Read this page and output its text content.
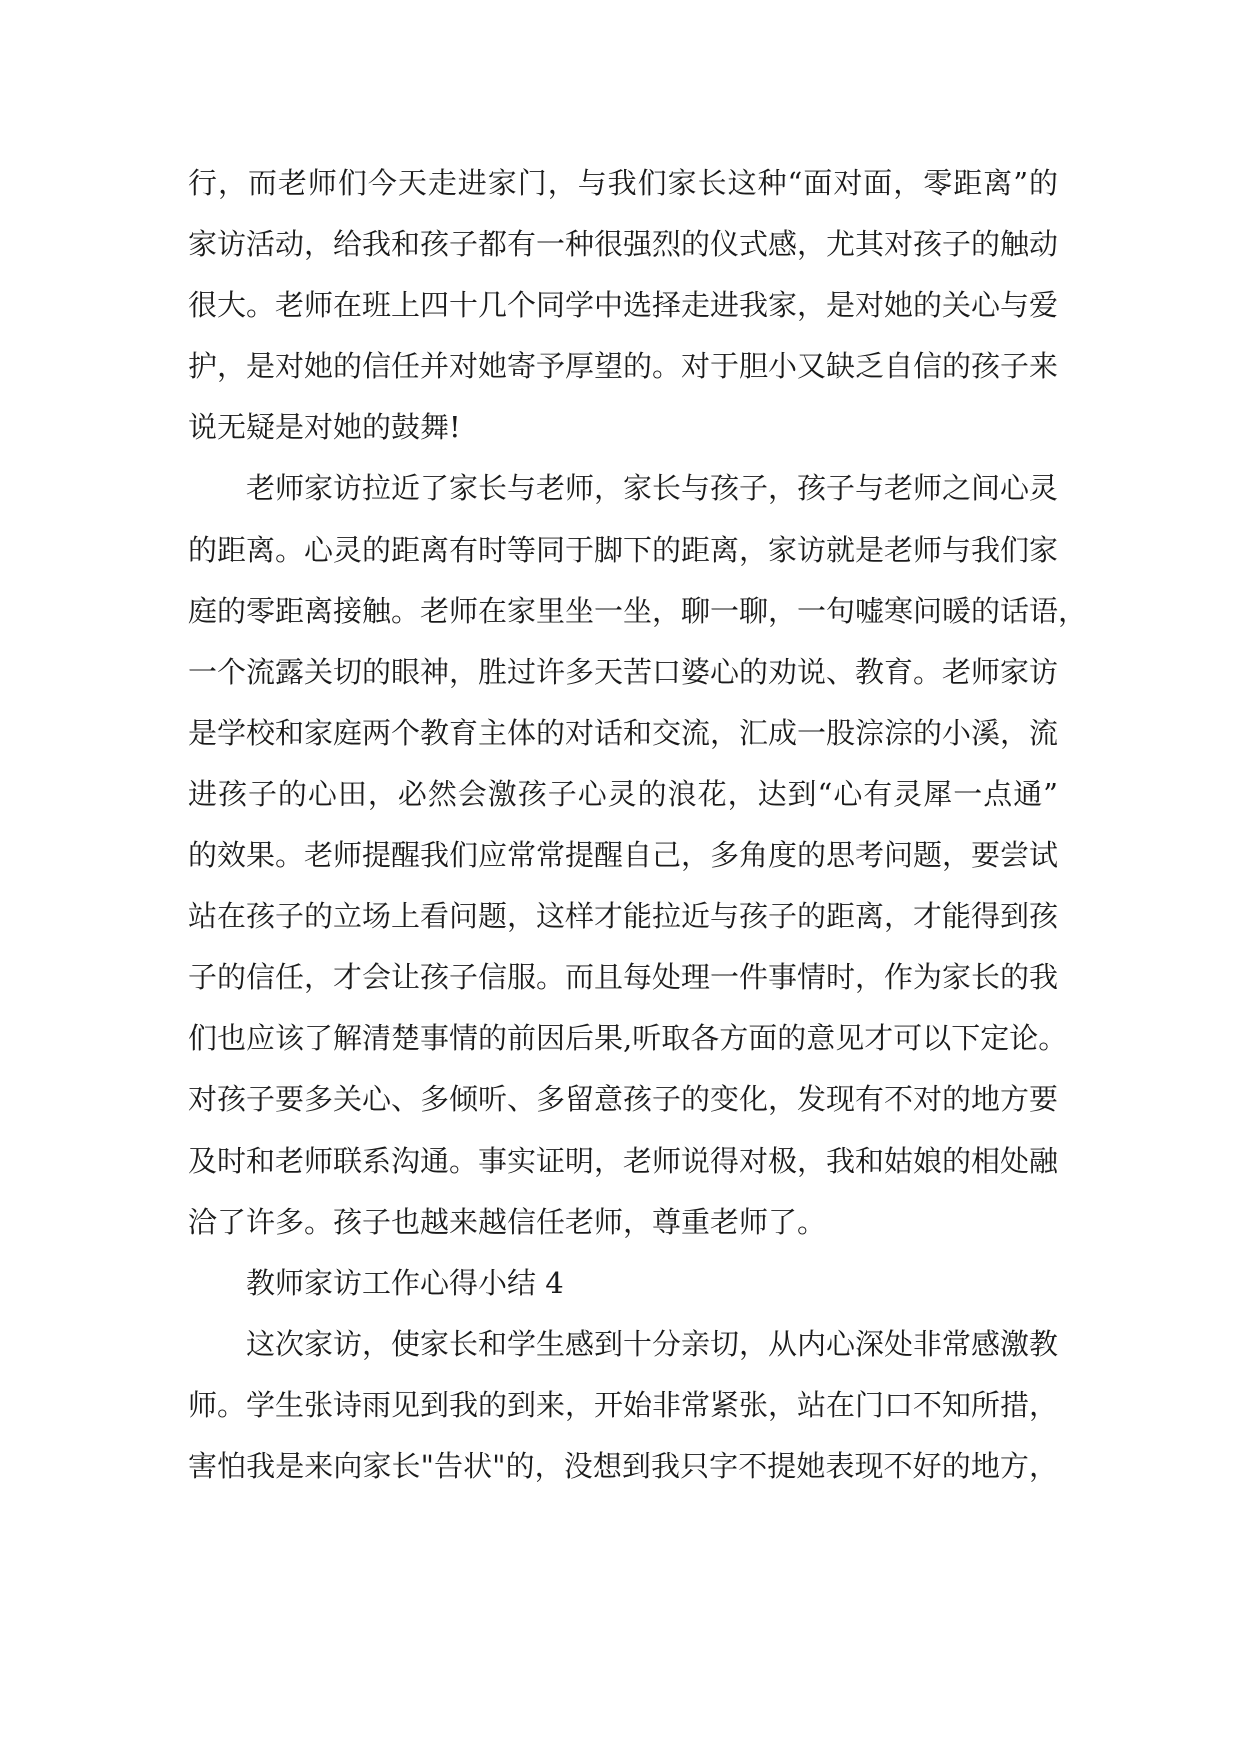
行，而老师们今天走进家门，与我们家长这种“面对面，零距离”的
家访活动，给我和孩子都有一种很强烈的仪式感，尤其对孩子的触动
很大。老师在班上四十几个同学中选择走进我家，是对她的关心与爱
护，是对她的信任并对她寄予厚望的。对于胆小又缺乏自信的孩子来
说无疑是对她的鼓舞!
老师家访拉近了家长与老师，家长与孩子，孩子与老师之间心灵
的距离。心灵的距离有时等同于脚下的距离，家访就是老师与我们家
庭的零距离接触。老师在家里坐一坐，聊一聊，一句嘘寒问暖的话语，
一个流露关切的眼神，胜过许多天苦口婆心的劝说、教育。老师家访
是学校和家庭两个教育主体的对话和交流，汇成一股淙淙的小溪，流
进孩子的心田，必然会激孩子心灵的浪花，达到“心有灵犀一点通”
的效果。老师提醒我们应常常提醒自己，多角度的思考问题，要尝试
站在孩子的立场上看问题，这样才能拉近与孩子的距离，才能得到孩
子的信任，才会让孩子信服。而且每处理一件事情时，作为家长的我
们也应该了解清楚事情的前因后果,听取各方面的意见才可以下定论。
对孩子要多关心、多倾听、多留意孩子的变化，发现有不对的地方要
及时和老师联系沟通。事实证明，老师说得对极，我和姑娘的相处融
洽了许多。孩子也越来越信任老师，尊重老师了。
教师家访工作心得小结 4
这次家访，使家长和学生感到十分亲切，从内心深处非常感激教
师。学生张诗雨见到我的到来，开始非常紧张，站在门口不知所措，
害怕我是来向家长"告状"的，没想到我只字不提她表现不好的地方，
